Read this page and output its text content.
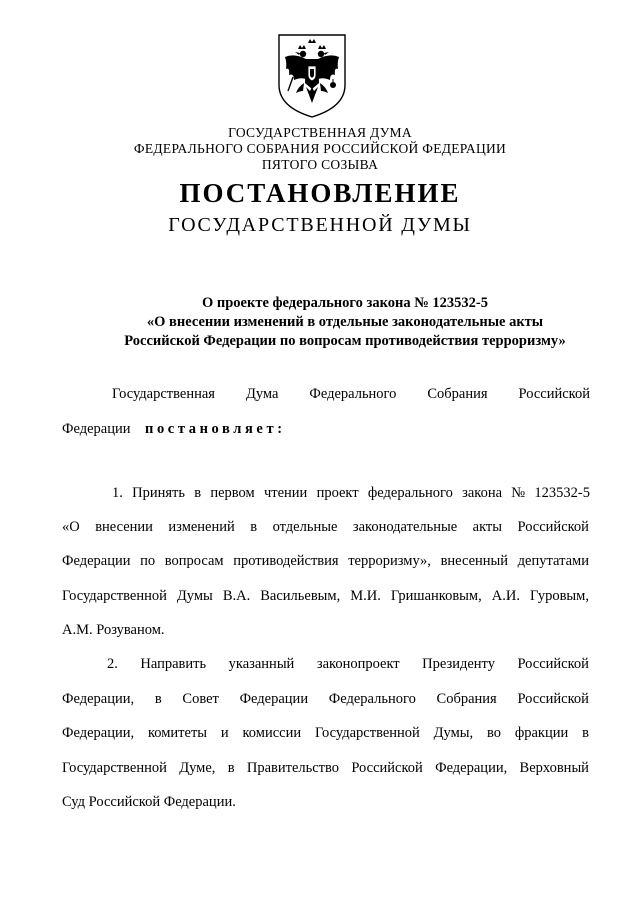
ГОСУДАРСТВЕННАЯ ДУМА
ФЕДЕРАЛЬНОГО СОБРАНИЯ РОССИЙСКОЙ ФЕДЕРАЦИИ
ПЯТОГО СОЗЫВА
ПОСТАНОВЛЕНИЕ
ГОСУДАРСТВЕННОЙ ДУМЫ
О проекте федерального закона № 123532-5
«О внесении изменений в отдельные законодательные акты
Российской Федерации по вопросам противодействия терроризму»
Государственная Дума Федерального Собрания Российской
Федерации постановляет:
1. Принять в первом чтении проект федерального закона № 123532-5
«О внесении изменений в отдельные законодательные акты Российской
Федерации по вопросам противодействия терроризму», внесенный депутатами
Государственной Думы В.А. Васильевым, М.И. Гришанковым, А.И. Гуровым,
А.М. Розуваном.
2. Направить указанный законопроект Президенту Российской
Федерации, в Совет Федерации Федерального Собрания Российской
Федерации, комитеты и комиссии Государственной Думы, во фракции в
Государственной Думе, в Правительство Российской Федерации, Верховный
Суд Российской Федерации.
